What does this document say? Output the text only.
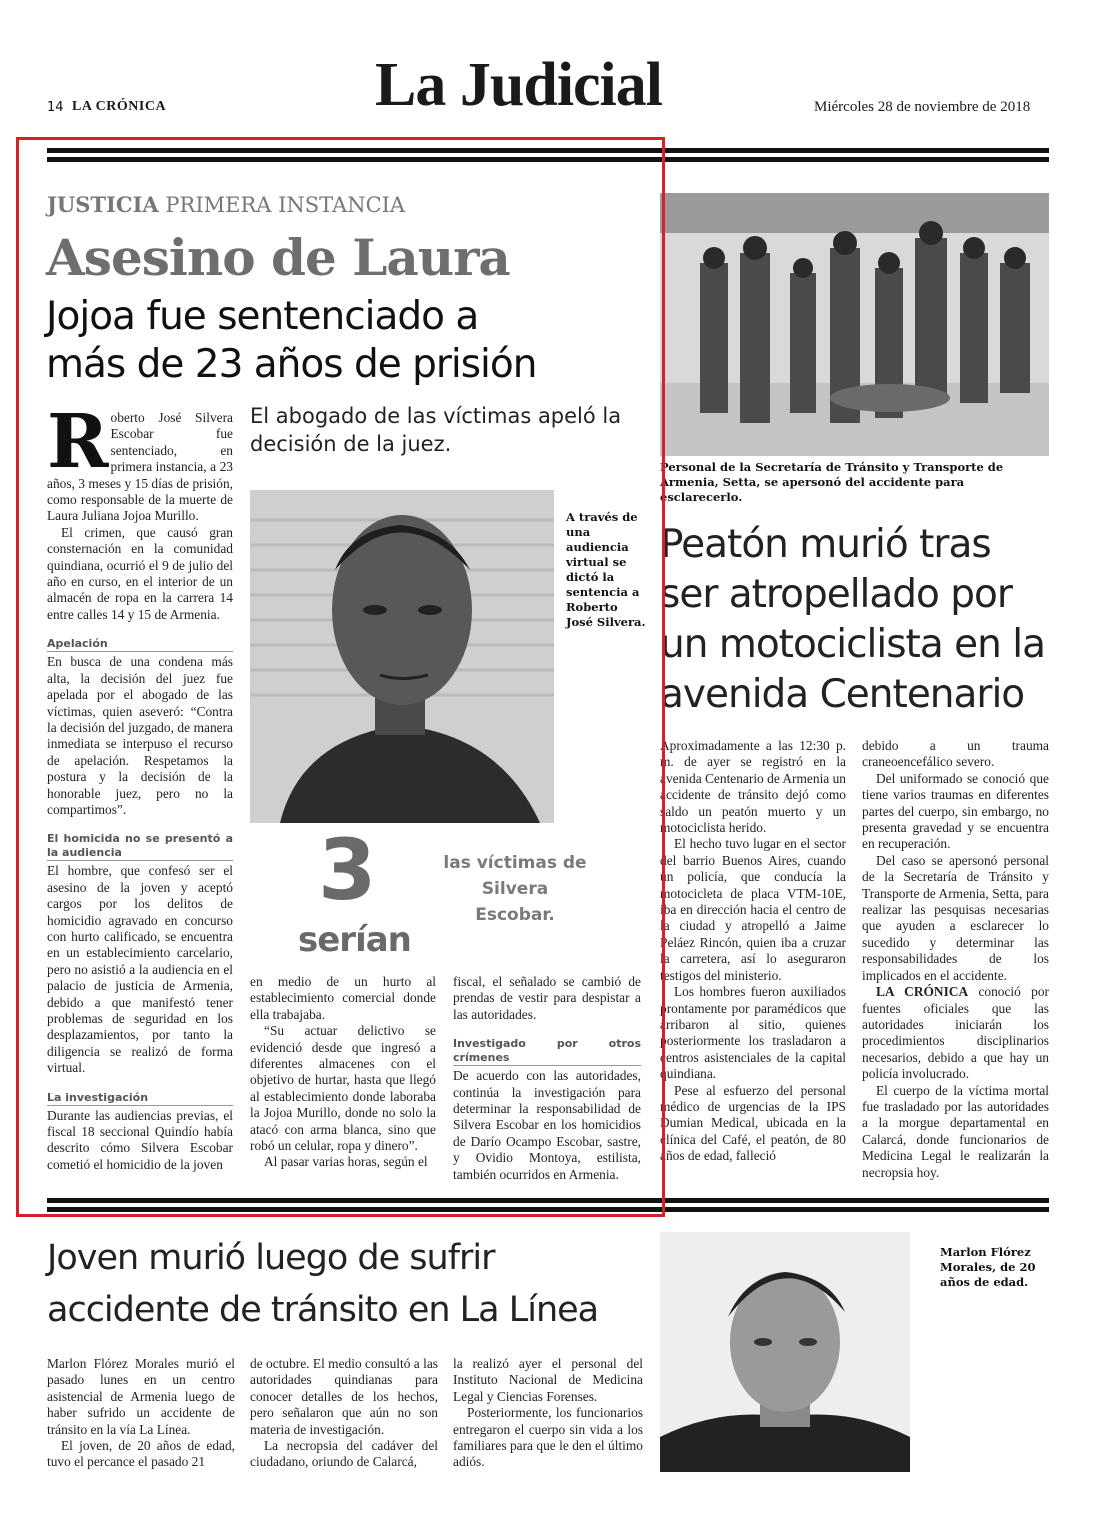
14 LA CRÓNICA	La Judicial	Miércoles 28 de noviembre de 2018
JUSTICIA PRIMERA INSTANCIA
Asesino de Laura
Jojoa fue sentenciado a
más de 23 años de prisión
R oberto José Silvera Escobar fue sentenciado, en primera instancia, a 23 años, 3 meses y 15 días de prisión, como responsable de la muerte de Laura Juliana Jojoa Murillo.

El crimen, que causó gran consternación en la comunidad quindiana, ocurrió el 9 de julio del año en curso, en el interior de un almacén de ropa en la carrera 14 entre calles 14 y 15 de Armenia.

Apelación

En busca de una condena más alta, la decisión del juez fue apelada por el abogado de las víctimas, quien aseveró: “Contra la decisión del juzgado, de manera inmediata se interpuso el recurso de apelación. Respetamos la postura y la decisión de la honorable juez, pero no la compartimos”.

El homicida no se presentó a la audiencia

El hombre, que confesó ser el asesino de la joven y aceptó cargos por los delitos de homicidio agravado en concurso con hurto calificado, se encuentra en un establecimiento carcelario, pero no asistió a la audiencia en el palacio de justicia de Armenia, debido a que manifestó tener problemas de seguridad en los desplazamientos, por tanto la diligencia se realizó de forma virtual.

La investigación

Durante las audiencias previas, el fiscal 18 seccional Quindío había descrito cómo Silvera Escobar cometió el homicidio de la joven

El abogado de las víctimas apeló la decisión de la juez.
A través de una audiencia virtual se dictó la sentencia a Roberto José Silvera.
3
serían
las víctimas de Silvera Escobar.

en medio de un hurto al establecimiento comercial donde ella trabajaba.

“Su actuar delictivo se evidenció desde que ingresó a diferentes almacenes con el objetivo de hurtar, hasta que llegó al establecimiento donde laboraba la Jojoa Murillo, donde no solo la atacó con arma blanca, sino que robó un celular, ropa y dinero”.

Al pasar varias horas, según el

fiscal, el señalado se cambió de prendas de vestir para despistar a las autoridades.

Investigado por otros crímenes

De acuerdo con las autoridades, continúa la investigación para determinar la responsabilidad de Silvera Escobar en los homicidios de Darío Ocampo Escobar, sastre, y Ovidio Montoya, estilista, también ocurridos en Armenia.

Personal de la Secretaría de Tránsito y Transporte de Armenia, Setta, se apersonó del accidente para esclarecerlo.
Peatón murió tras ser atropellado por un motociclista en la avenida Centenario

Aproximadamente a las 12:30 p. m. de ayer se registró en la avenida Centenario de Armenia un accidente de tránsito dejó como saldo un peatón muerto y un motociclista herido.

El hecho tuvo lugar en el sector del barrio Buenos Aires, cuando un policía, que conducía la motocicleta de placa VTM-10E, iba en dirección hacia el centro de la ciudad y atropelló a Jaime Peláez Rincón, quien iba a cruzar la carretera, así lo aseguraron testigos del ministerio.

Los hombres fueron auxiliados prontamente por paramédicos que arribaron al sitio, quienes posteriormente los trasladaron a centros asistenciales de la capital quindiana.

Pese al esfuerzo del personal médico de urgencias de la IPS Dumian Medical, ubicada en la clínica del Café, el peatón, de 80 años de edad, falleció

debido a un trauma craneoencefálico severo.

Del uniformado se conoció que tiene varios traumas en diferentes partes del cuerpo, sin embargo, no presenta gravedad y se encuentra en recuperación.

Del caso se apersonó personal de la Secretaría de Tránsito y Transporte de Armenia, Setta, para realizar las pesquisas necesarias que ayuden a esclarecer lo sucedido y determinar las responsabilidades de los implicados en el accidente.

LA CRÓNICA conoció por fuentes oficiales que las autoridades iniciarán los procedimientos disciplinarios necesarios, debido a que hay un policía involucrado.

El cuerpo de la víctima mortal fue trasladado por las autoridades a la morgue departamental en Calarcá, donde funcionarios de Medicina Legal le realizarán la necropsia hoy.

Joven murió luego de sufrir
accidente de tránsito en La Línea

Marlon Flórez Morales murió el pasado lunes en un centro asistencial de Armenia luego de haber sufrido un accidente de tránsito en la vía La Línea.

El joven, de 20 años de edad, tuvo el percance el pasado 21

de octubre. El medio consultó a las autoridades quindianas para conocer detalles de los hechos, pero señalaron que aún no son materia de investigación.

La necropsia del cadáver del ciudadano, oriundo de Calarcá,

la realizó ayer el personal del Instituto Nacional de Medicina Legal y Ciencias Forenses.

Posteriormente, los funcionarios entregaron el cuerpo sin vida a los familiares para que le den el último adiós.

Marlon Flórez Morales, de 20 años de edad.
